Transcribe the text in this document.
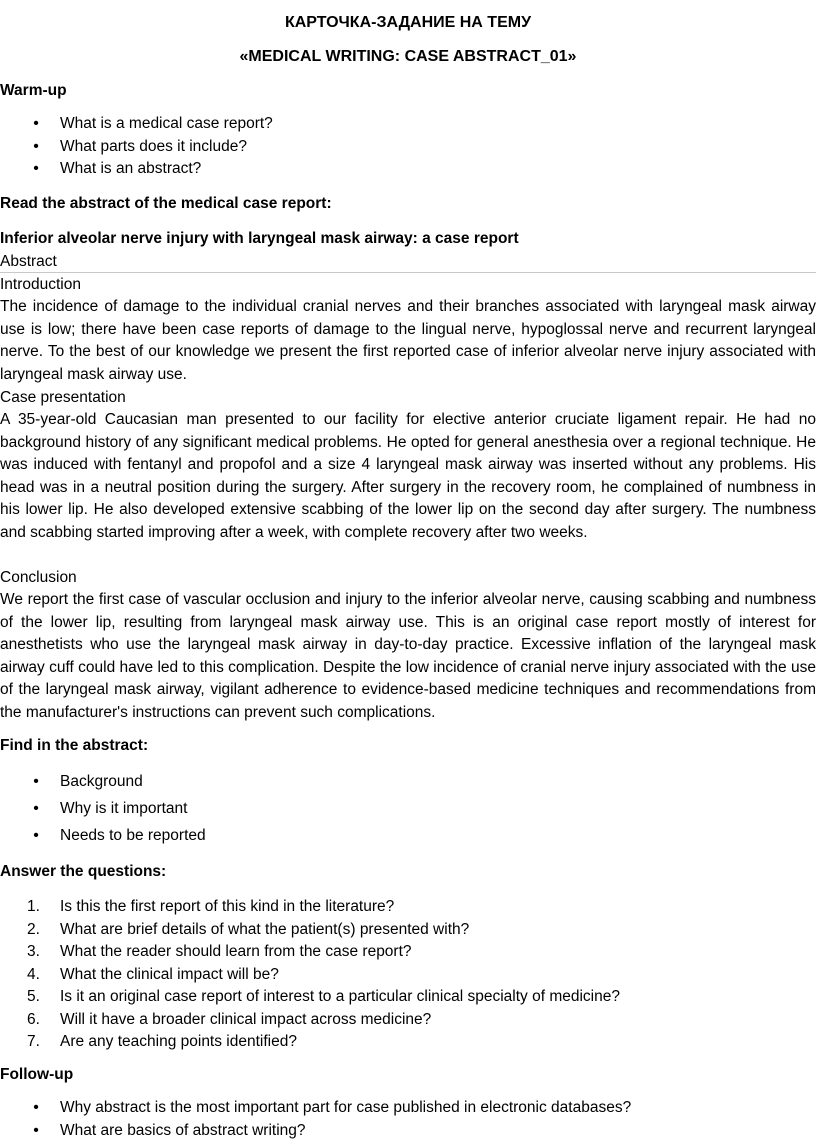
КАРТОЧКА-ЗАДАНИЕ НА ТЕМУ
«MEDICAL WRITING: CASE ABSTRACT_01»
Warm-up
• What is a medical case report?
• What parts does it include?
• What is an abstract?
Read the abstract of the medical case report:
Inferior alveolar nerve injury with laryngeal mask airway: a case report
Abstract
Introduction

The incidence of damage to the individual cranial nerves and their branches associated with laryngeal mask airway use is low; there have been case reports of damage to the lingual nerve, hypoglossal nerve and recurrent laryngeal nerve. To the best of our knowledge we present the first reported case of inferior alveolar nerve injury associated with laryngeal mask airway use.

Case presentation

A 35-year-old Caucasian man presented to our facility for elective anterior cruciate ligament repair. He had no background history of any significant medical problems. He opted for general anesthesia over a regional technique. He was induced with fentanyl and propofol and a size 4 laryngeal mask airway was inserted without any problems. His head was in a neutral position during the surgery. After surgery in the recovery room, he complained of numbness in his lower lip. He also developed extensive scabbing of the lower lip on the second day after surgery. The numbness and scabbing started improving after a week, with complete recovery after two weeks.

Conclusion

We report the first case of vascular occlusion and injury to the inferior alveolar nerve, causing scabbing and numbness of the lower lip, resulting from laryngeal mask airway use. This is an original case report mostly of interest for anesthetists who use the laryngeal mask airway in day-to-day practice. Excessive inflation of the laryngeal mask airway cuff could have led to this complication. Despite the low incidence of cranial nerve injury associated with the use of the laryngeal mask airway, vigilant adherence to evidence-based medicine techniques and recommendations from the manufacturer's instructions can prevent such complications.

Find in the abstract:
• Background
• Why is it important
• Needs to be reported
Answer the questions:
1. Is this the first report of this kind in the literature?
2. What are brief details of what the patient(s) presented with?
3. What the reader should learn from the case report?
4. What the clinical impact will be?
5. Is it an original case report of interest to a particular clinical specialty of medicine?
6. Will it have a broader clinical impact across medicine?
7. Are any teaching points identified?
Follow-up
• Why abstract is the most important part for case published in electronic databases?
• What are basics of abstract writing?
